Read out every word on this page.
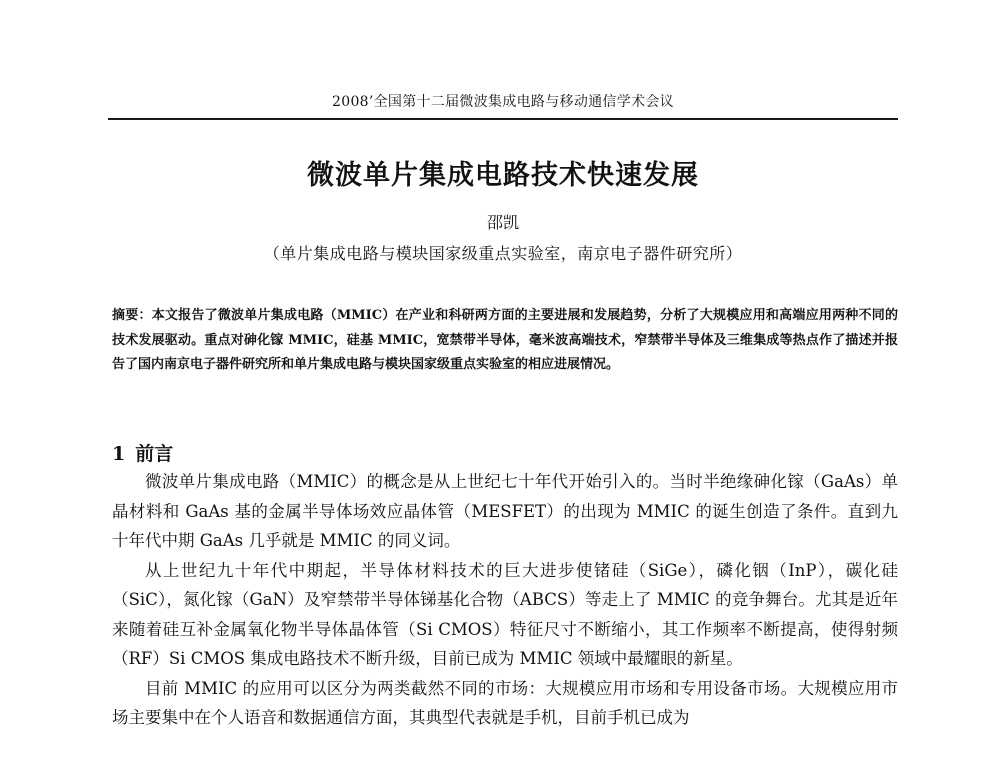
2008’全国第十二届微波集成电路与移动通信学术会议
微波单片集成电路技术快速发展
邵凯
（单片集成电路与模块国家级重点实验室，南京电子器件研究所）
摘要：本文报告了微波单片集成电路（MMIC）在产业和科研两方面的主要进展和发展趋势，分析了大规模应用和高端应用两种不同的技术发展驱动。重点对砷化镓 MMIC，硅基 MMIC，宽禁带半导体，毫米波高端技术，窄禁带半导体及三维集成等热点作了描述并报告了国内南京电子器件研究所和单片集成电路与模块国家级重点实验室的相应进展情况。
1 前言

微波单片集成电路（MMIC）的概念是从上世纪七十年代开始引入的。当时半绝缘砷化镓（GaAs）单晶材料和 GaAs 基的金属半导体场效应晶体管（MESFET）的出现为 MMIC 的诞生创造了条件。直到九十年代中期 GaAs 几乎就是 MMIC 的同义词。

从上世纪九十年代中期起，半导体材料技术的巨大进步使锗硅（SiGe），磷化铟（InP），碳化硅（SiC），氮化镓（GaN）及窄禁带半导体锑基化合物（ABCS）等走上了 MMIC 的竞争舞台。尤其是近年来随着硅互补金属氧化物半导体晶体管（Si CMOS）特征尺寸不断缩小，其工作频率不断提高，使得射频（RF）Si CMOS 集成电路技术不断升级，目前已成为 MMIC 领域中最耀眼的新星。

目前 MMIC 的应用可以区分为两类截然不同的市场：大规模应用市场和专用设备市场。大规模应用市场主要集中在个人语音和数据通信方面，其典型代表就是手机，目前手机已成为
